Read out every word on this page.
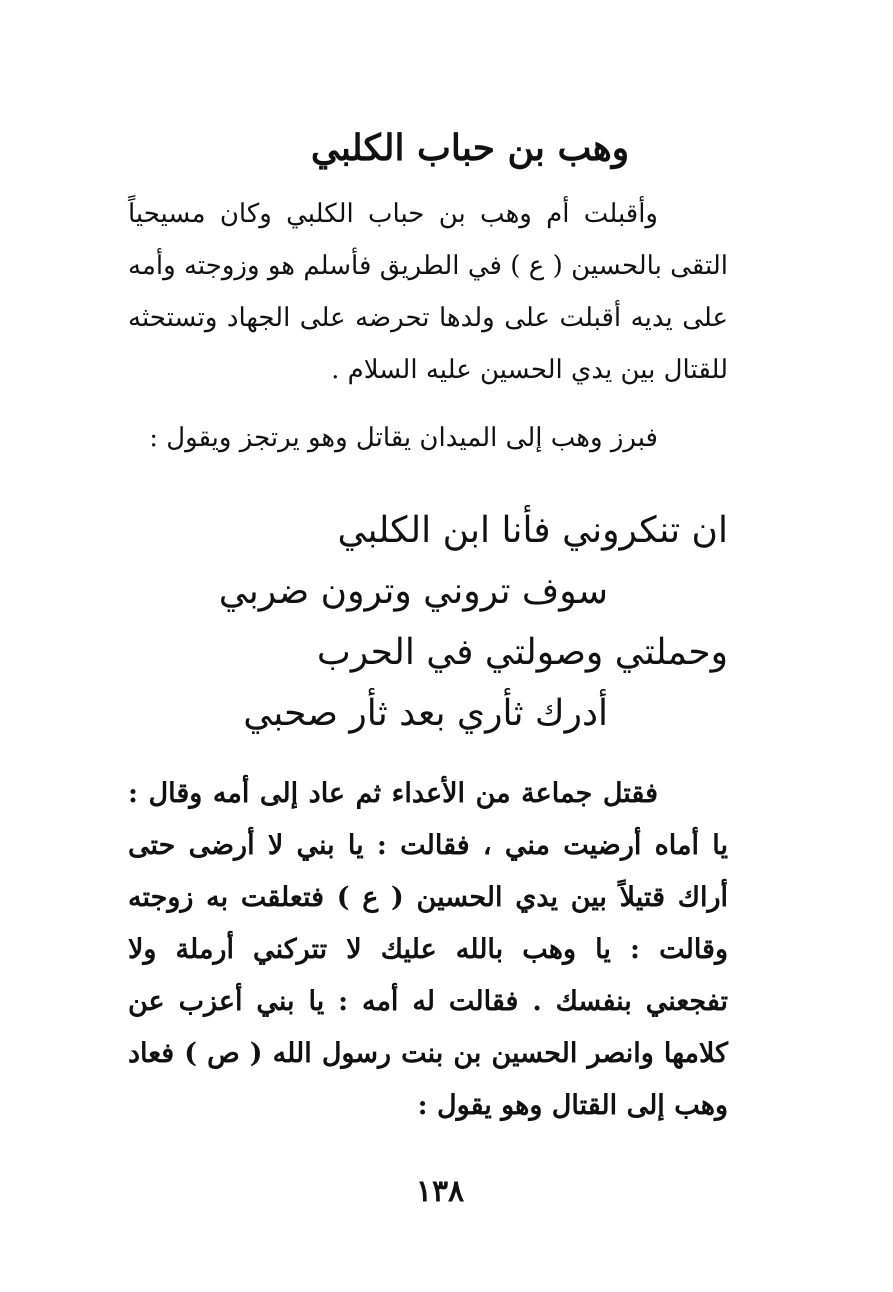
وهب بن حباب الكلبي

وأقبلت أم وهب بن حباب الكلبي وكان مسيحياً التقى بالحسين ( ع ) في الطريق فأسلم هو وزوجته وأمه على يديه أقبلت على ولدها تحرضه على الجهاد وتستحثه للقتال بين يدي الحسين عليه السلام .

فبرز وهب إلى الميدان يقاتل وهو يرتجز ويقول :
ان تنكروني فأنا ابن الكلبي
سوف تروني وترون ضربي
وحملتي وصولتي في الحرب
أدرك ثأري بعد ثأر صحبي

فقتل جماعة من الأعداء ثم عاد إلى أمه وقال : يا أماه أرضيت مني ، فقالت : يا بني لا أرضى حتى أراك قتيلاً بين يدي الحسين ( ع ) فتعلقت به زوجته وقالت : يا وهب بالله عليك لا تتركني أرملة ولا تفجعني بنفسك . فقالت له أمه : يا بني أعزب عن كلامها وانصر الحسين بن بنت رسول الله ( ص ) فعاد وهب إلى القتال وهو يقول :

١٣٨
